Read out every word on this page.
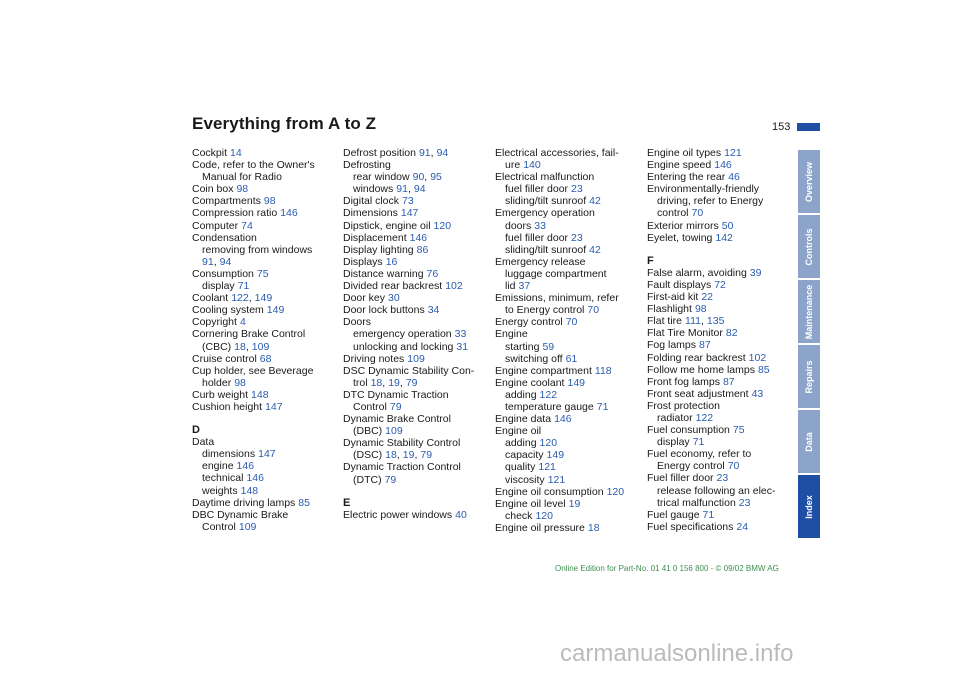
Everything from A to Z	153
Cockpit 14
Code, refer to the Owner's
Manual for Radio
Coin box 98
Compartments 98
Compression ratio 146
Computer 74
Condensation
removing from windows
91, 94
Consumption 75
display 71
Coolant 122, 149
Cooling system 149
Copyright 4
Cornering Brake Control
(CBC) 18, 109
Cruise control 68
Cup holder, see Beverage
holder 98
Curb weight 148
Cushion height 147
D
Data
dimensions 147
engine 146
technical 146
weights 148
Daytime driving lamps 85
DBC Dynamic Brake
Control 109
Defrost position 91, 94
Defrosting
rear window 90, 95
windows 91, 94
Digital clock 73
Dimensions 147
Dipstick, engine oil 120
Displacement 146
Display lighting 86
Displays 16
Distance warning 76
Divided rear backrest 102
Door key 30
Door lock buttons 34
Doors
emergency operation 33
unlocking and locking 31
Driving notes 109
DSC Dynamic Stability Con-
trol 18, 19, 79
DTC Dynamic Traction
Control 79
Dynamic Brake Control
(DBC) 109
Dynamic Stability Control
(DSC) 18, 19, 79
Dynamic Traction Control
(DTC) 79
E
Electric power windows 40
Electrical accessories, fail-
ure 140
Electrical malfunction
fuel filler door 23
sliding/tilt sunroof 42
Emergency operation
doors 33
fuel filler door 23
sliding/tilt sunroof 42
Emergency release
luggage compartment
lid 37
Emissions, minimum, refer
to Energy control 70
Energy control 70
Engine
starting 59
switching off 61
Engine compartment 118
Engine coolant 149
adding 122
temperature gauge 71
Engine data 146
Engine oil
adding 120
capacity 149
quality 121
viscosity 121
Engine oil consumption 120
Engine oil level 19
check 120
Engine oil pressure 18
Engine oil types 121
Engine speed 146
Entering the rear 46
Environmentally-friendly
driving, refer to Energy
control 70
Exterior mirrors 50
Eyelet, towing 142
F
False alarm, avoiding 39
Fault displays 72
First-aid kit 22
Flashlight 98
Flat tire 111, 135
Flat Tire Monitor 82
Fog lamps 87
Folding rear backrest 102
Follow me home lamps 85
Front fog lamps 87
Front seat adjustment 43
Frost protection
radiator 122
Fuel consumption 75
display 71
Fuel economy, refer to
Energy control 70
Fuel filler door 23
release following an elec-
trical malfunction 23
Fuel gauge 71
Fuel specifications 24
Overview
Controls
Maintenance
Repairs
Data
Index
Online Edition for Part-No. 01 41 0 156 800 - © 09/02 BMW AG
carmanualsonline.info
